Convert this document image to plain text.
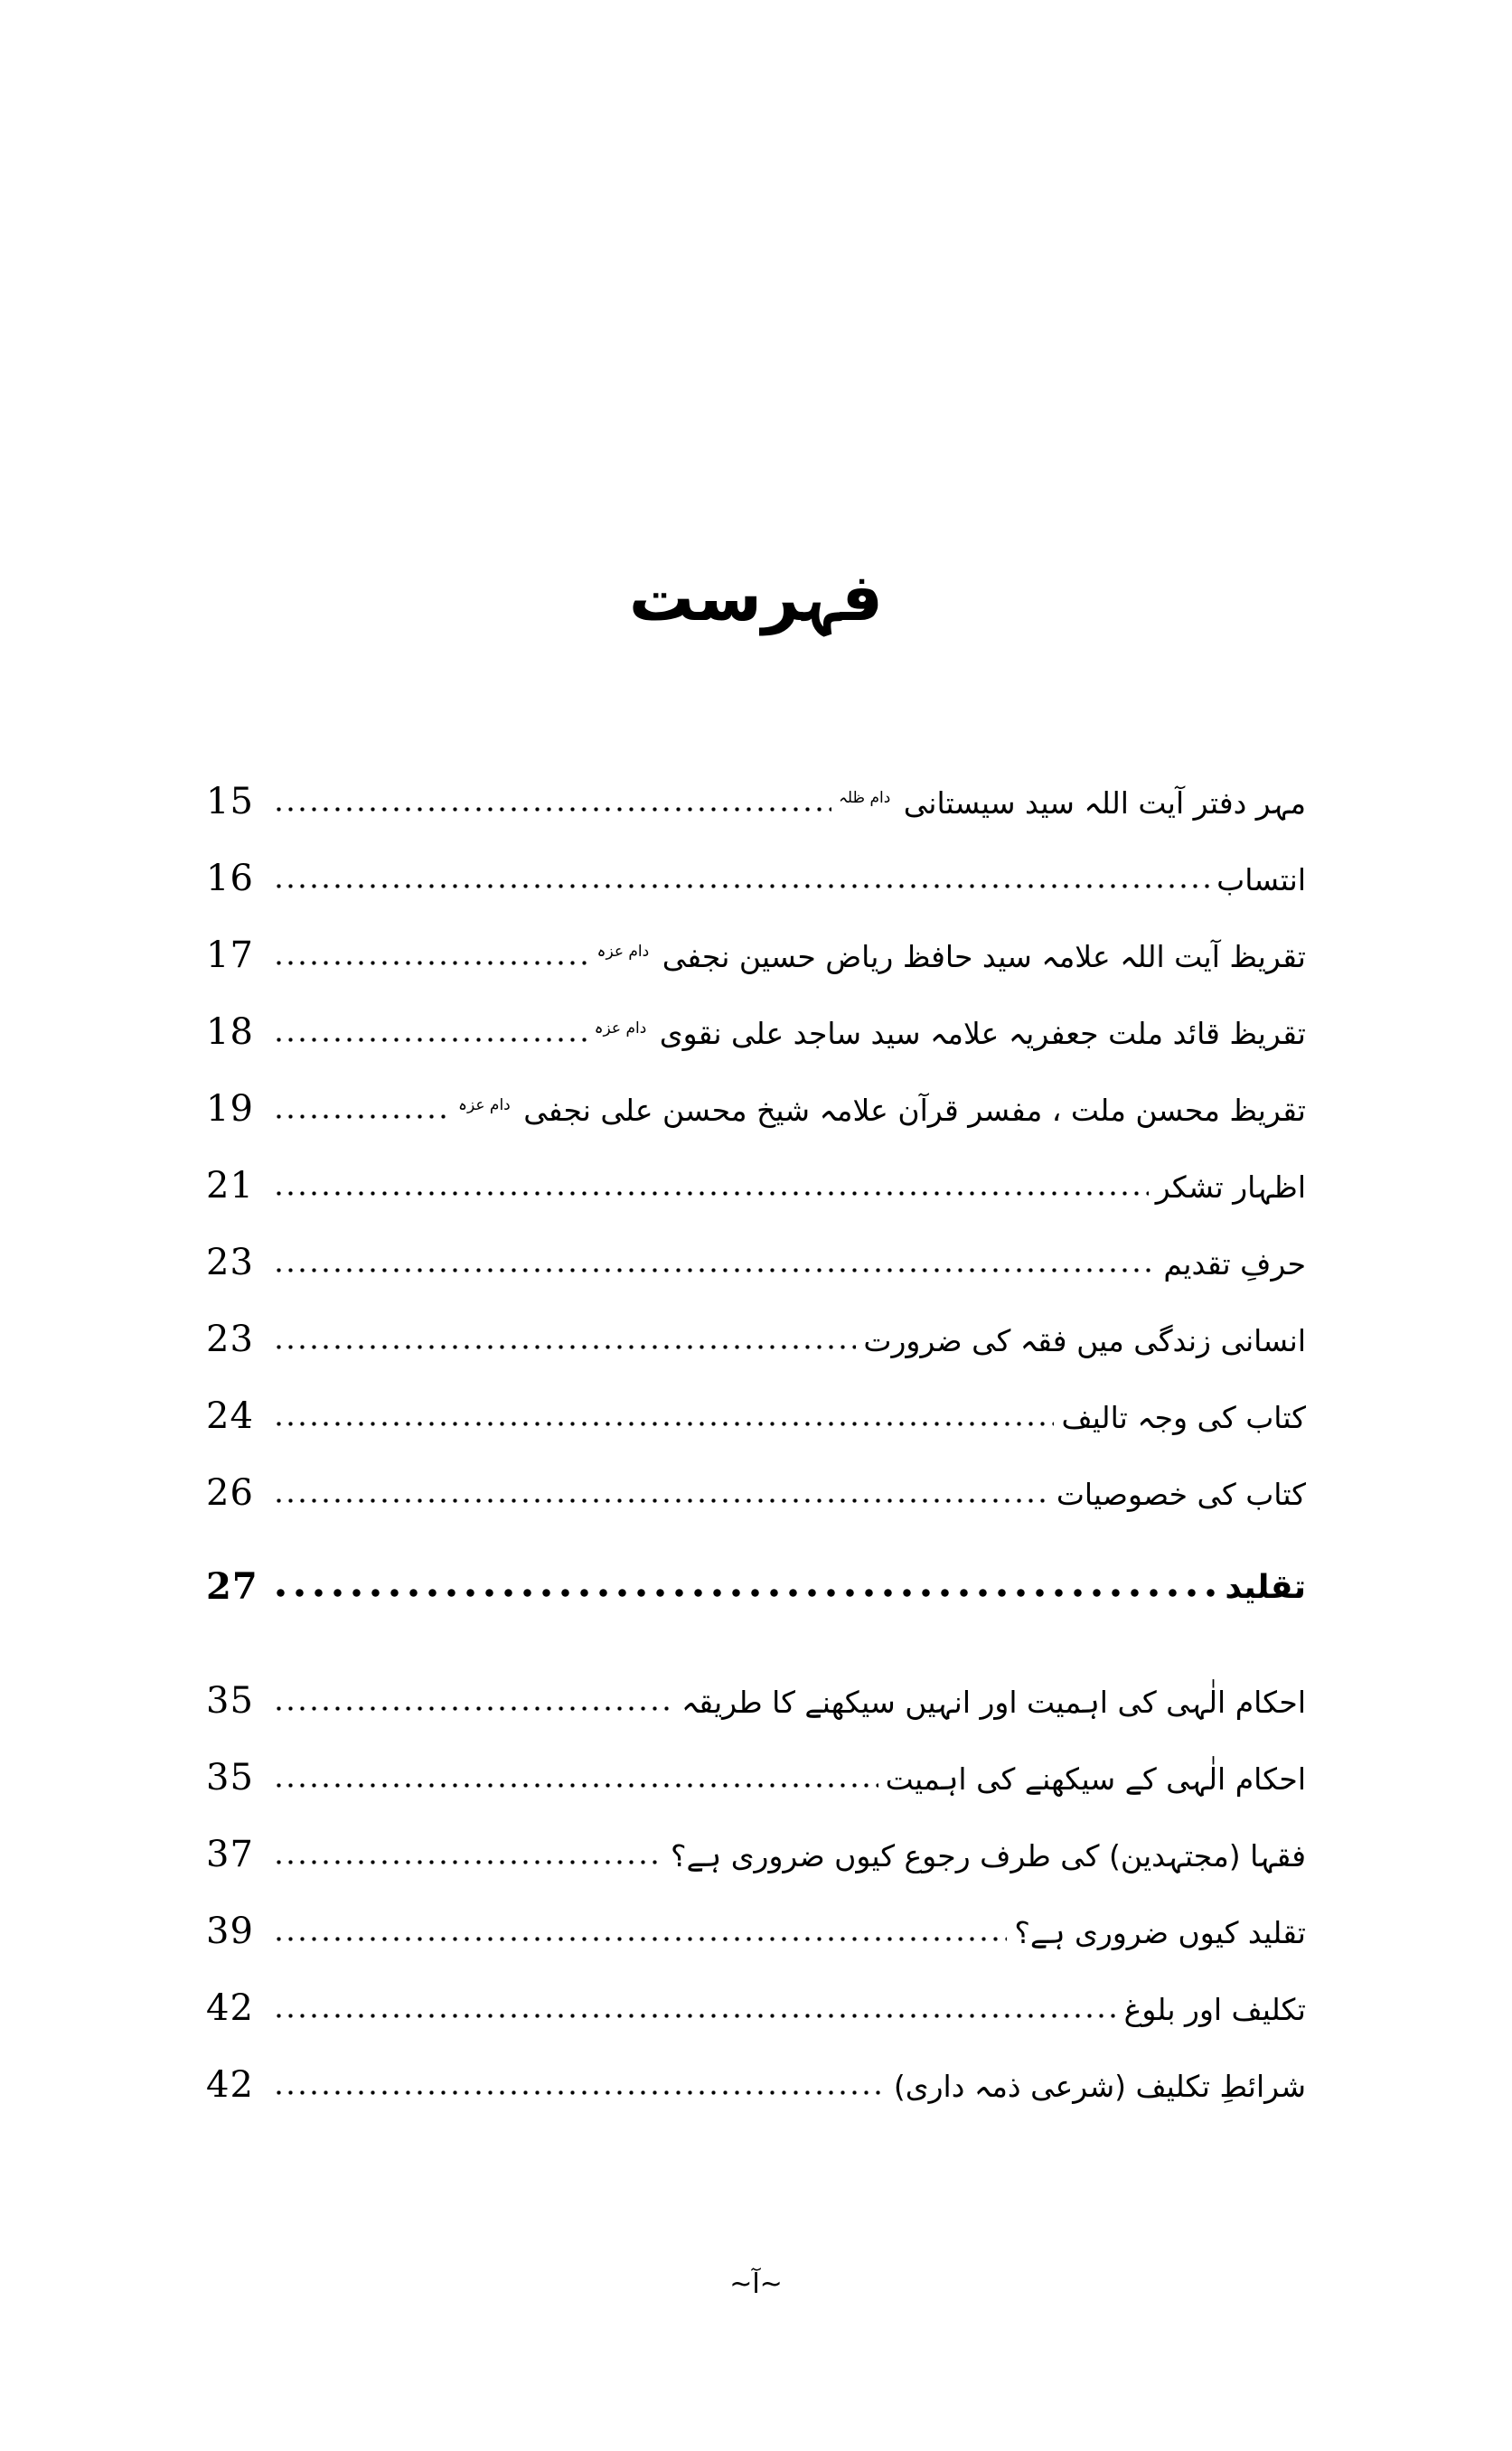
فہرست
مہر دفتر آیت اللہ سید سیستانی $^{دام ظلہ}$
15
انتساب
16
تقریظ آیت اللہ علامہ سید حافظ ریاض حسین نجفی $^{دام عزہ}$
17
تقریظ قائد ملت جعفریہ علامہ سید ساجد علی نقوی $^{دام عزہ}$
18
تقریظ محسن ملت ، مفسر قرآن علامہ شیخ محسن علی نجفی $^{دام عزہ}$
19
اظہار تشکر
21
حرفِ تقدیم
23
انسانی زندگی میں فقہ کی ضرورت
23
کتاب کی وجہ تالیف
24
کتاب کی خصوصیات
26
تقلید
27
احکام الٰہی کی اہمیت اور انہیں سیکھنے کا طریقہ
35
احکام الٰہی کے سیکھنے کی اہمیت
35
فقہا (مجتہدین) کی طرف رجوع کیوں ضروری ہے؟
37
تقلید کیوں ضروری ہے؟
39
تکلیف اور بلوغ
42
شرائطِ تکلیف (شرعی ذمہ داری)
42
~آ~
